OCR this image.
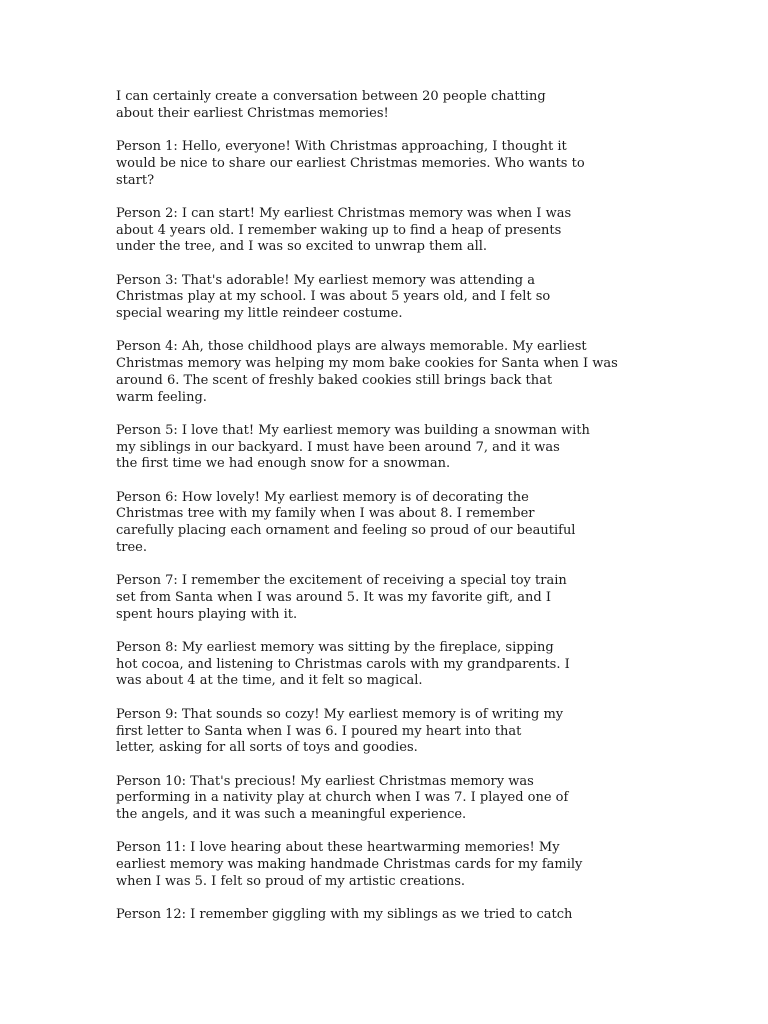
I can certainly create a conversation between 20 people chatting
about their earliest Christmas memories!

Person 1: Hello, everyone! With Christmas approaching, I thought it
would be nice to share our earliest Christmas memories. Who wants to
start?

Person 2: I can start! My earliest Christmas memory was when I was
about 4 years old. I remember waking up to find a heap of presents
under the tree, and I was so excited to unwrap them all.

Person 3: That's adorable! My earliest memory was attending a
Christmas play at my school. I was about 5 years old, and I felt so
special wearing my little reindeer costume.

Person 4: Ah, those childhood plays are always memorable. My earliest
Christmas memory was helping my mom bake cookies for Santa when I was
around 6. The scent of freshly baked cookies still brings back that
warm feeling.

Person 5: I love that! My earliest memory was building a snowman with
my siblings in our backyard. I must have been around 7, and it was
the first time we had enough snow for a snowman.

Person 6: How lovely! My earliest memory is of decorating the
Christmas tree with my family when I was about 8. I remember
carefully placing each ornament and feeling so proud of our beautiful
tree.

Person 7: I remember the excitement of receiving a special toy train
set from Santa when I was around 5. It was my favorite gift, and I
spent hours playing with it.

Person 8: My earliest memory was sitting by the fireplace, sipping
hot cocoa, and listening to Christmas carols with my grandparents. I
was about 4 at the time, and it felt so magical.

Person 9: That sounds so cozy! My earliest memory is of writing my
first letter to Santa when I was 6. I poured my heart into that
letter, asking for all sorts of toys and goodies.

Person 10: That's precious! My earliest Christmas memory was
performing in a nativity play at church when I was 7. I played one of
the angels, and it was such a meaningful experience.

Person 11: I love hearing about these heartwarming memories! My
earliest memory was making handmade Christmas cards for my family
when I was 5. I felt so proud of my artistic creations.

Person 12: I remember giggling with my siblings as we tried to catch
